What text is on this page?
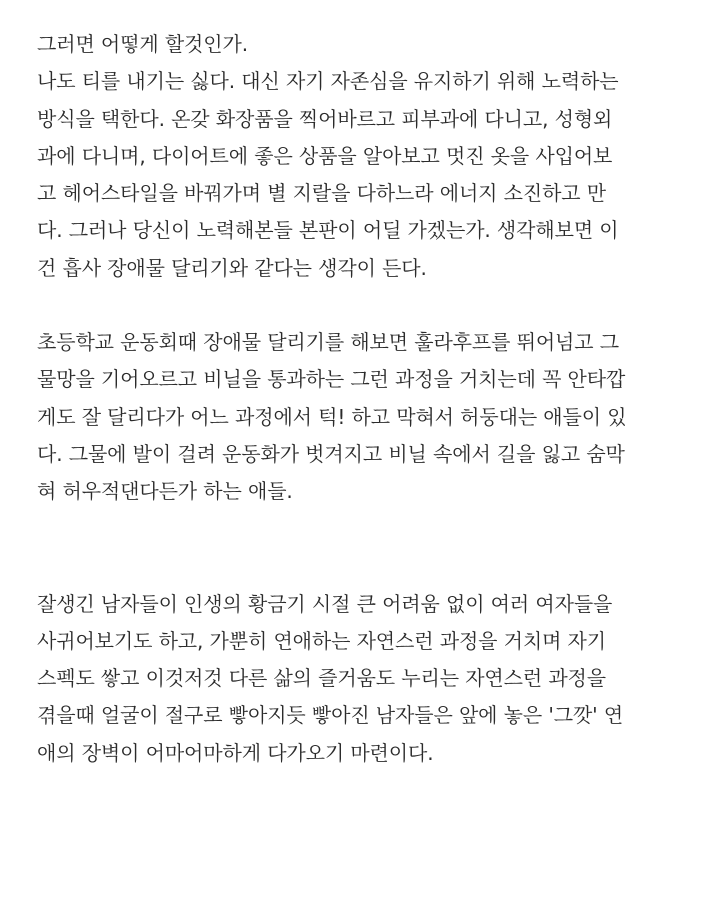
그러면 어떻게 할것인가.
나도 티를 내기는 싫다. 대신 자기 자존심을 유지하기 위해 노력하는
방식을 택한다. 온갖 화장품을 찍어바르고 피부과에 다니고, 성형외
과에 다니며, 다이어트에 좋은 상품을 알아보고 멋진 옷을 사입어보
고 헤어스타일을 바꿔가며 별 지랄을 다하느라 에너지 소진하고 만
다. 그러나 당신이 노력해본들 본판이 어딜 가겠는가. 생각해보면 이
건 흡사 장애물 달리기와 같다는 생각이 든다.
초등학교 운동회때 장애물 달리기를 해보면 훌라후프를 뛰어넘고 그
물망을 기어오르고 비닐을 통과하는 그런 과정을 거치는데 꼭 안타깝
게도 잘 달리다가 어느 과정에서 턱! 하고 막혀서 허둥대는 애들이 있
다. 그물에 발이 걸려 운동화가 벗겨지고 비닐 속에서 길을 잃고 숨막
혀 허우적댄다든가 하는 애들.
잘생긴 남자들이 인생의 황금기 시절 큰 어려움 없이 여러 여자들을
사귀어보기도 하고, 가뿐히 연애하는 자연스런 과정을 거치며 자기
스펙도 쌓고 이것저것 다른 삶의 즐거움도 누리는 자연스런 과정을
겪을때 얼굴이 절구로 빻아지듯 빻아진 남자들은 앞에 놓은 '그깟' 연
애의 장벽이 어마어마하게 다가오기 마련이다.
